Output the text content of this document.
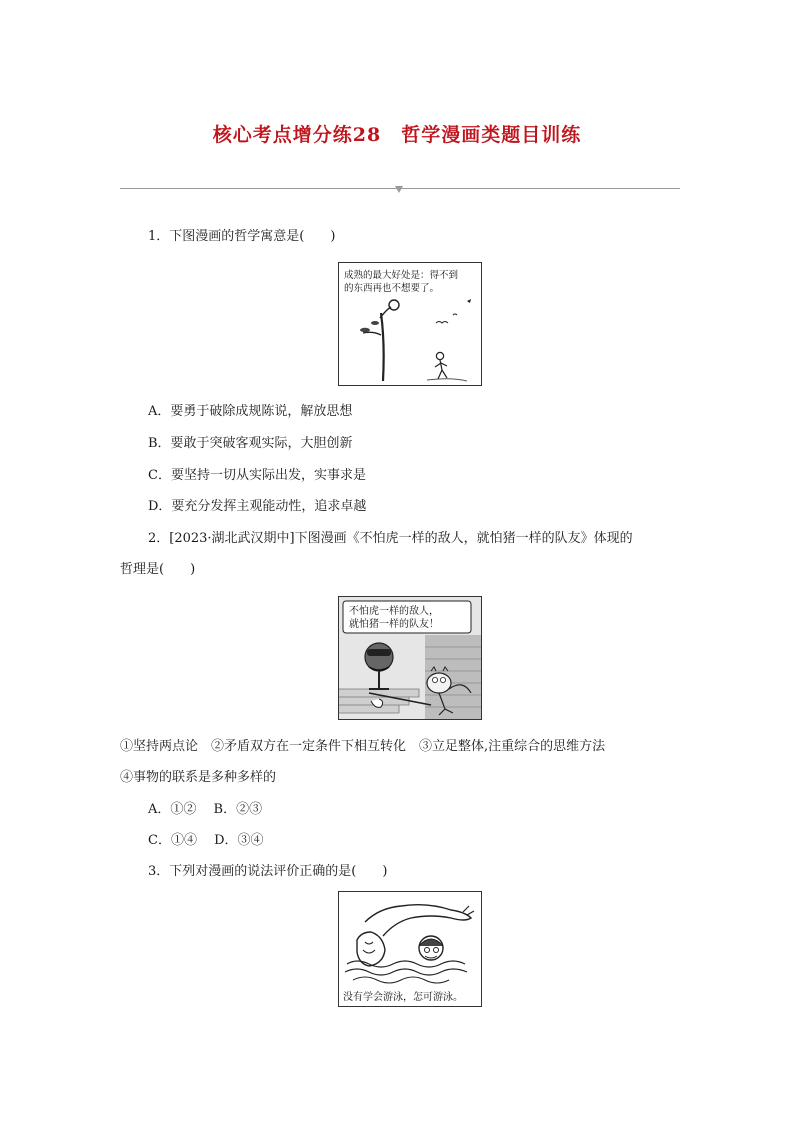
核心考点增分练28　哲学漫画类题目训练
1．下图漫画的哲学寓意是(　　)
成熟的最大好处是：得不到
的东西再也不想要了。
A．要勇于破除成规陈说，解放思想
B．要敢于突破客观实际，大胆创新
C．要坚持一切从实际出发，实事求是
D．要充分发挥主观能动性，追求卓越
2．[2023·湖北武汉期中]下图漫画《不怕虎一样的敌人，就怕猪一样的队友》体现的
哲理是(　　)
不怕虎一样的敌人，
就怕猪一样的队友！
①坚持两点论　②矛盾双方在一定条件下相互转化　③立足整体,注重综合的思维方法
④事物的联系是多种多样的
A．①②　 B．②③
C．①④　 D．③④
3．下列对漫画的说法评价正确的是(　　)
没有学会游泳，怎可游泳。
